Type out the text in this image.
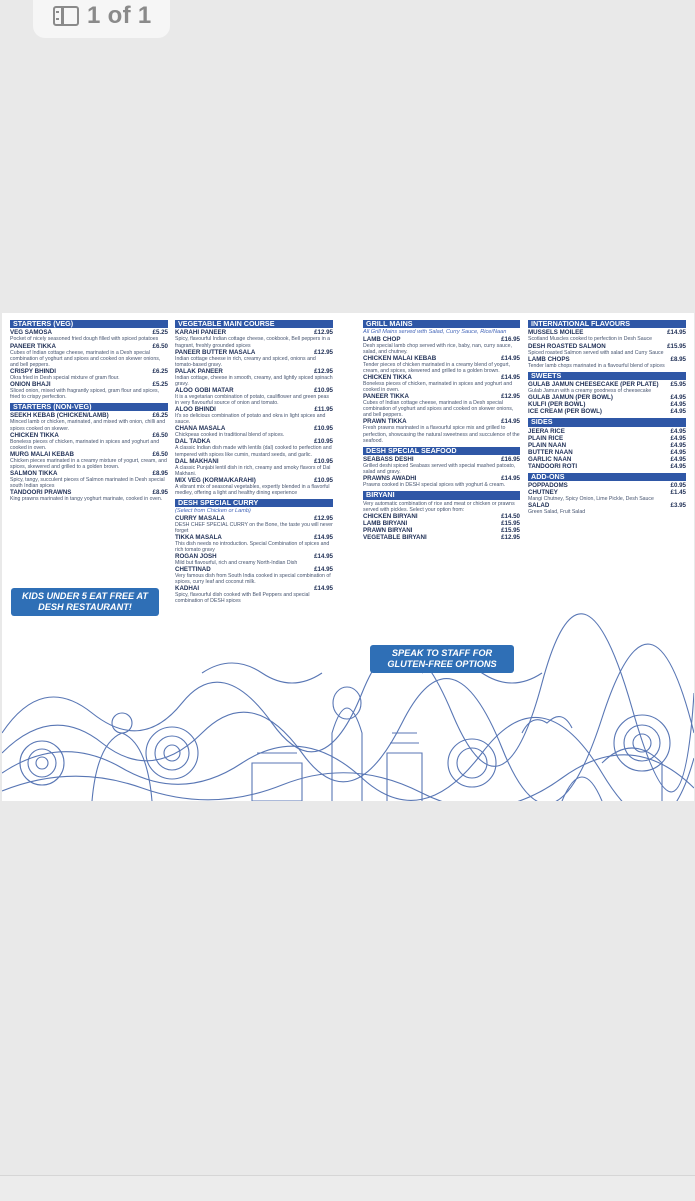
1 of 1
STARTERS (VEG)
VEG SAMOSA	£5.25
Pocket of nicely seasoned fried dough filled with spiced potatoes
PANEER TIKKA	£6.50
Cubes of Indian cottage cheese, marinated in a Desh special combination of yoghurt and spices and cooked on skewer onions, and bell peppers.
CRISPY BHINDI	£6.25
Okra fried in Desh special mixture of gram flour.
ONION BHAJI	£5.25
Sliced onion, mixed with fragrantly spiced, gram flour and spices, fried to crispy perfection.
STARTERS (NON-VEG)
SEEKH KEBAB (CHICKEN/LAMB)	£6.25
Minced lamb or chicken, marinated, and mixed with onion, chilli and spices cooked on skewer.
CHICKEN TIKKA	£6.50
Boneless pieces of chicken, marinated in spices and yoghurt and cooked in oven.
MURG MALAI KEBAB	£6.50
Chicken pieces marinated in a creamy mixture of yogurt, cream, and spices, skewered and grilled to a golden brown.
SALMON TIKKA	£8.95
Spicy, tangy, succulent pieces of Salmon marinated in Desh special south Indian spices
TANDOORI PRAWNS	£8.95
King prawns marinated in tangy yoghurt marinate, cooked in oven.
VEGETABLE MAIN COURSE
KARAHI PANEER	£12.95
Spicy, flavourful Indian cottage cheese, cookbook, Bell peppers in a fragrant, freshly grounded spices
PANEER BUTTER MASALA	£12.95
Indian cottage cheese in rich, creamy and spiced, onions and tomato-based gravy.
PALAK PANEER	£12.95
Indian cottage, cheese in smooth, creamy, and lightly spiced spinach gravy.
ALOO GOBI MATAR	£10.95
It is a vegetarian combination of potato, cauliflower and green peas in very flavourful source of onion and tomato.
ALOO BHINDI	£11.95
It's so delicious combination of potato and okra in light spices and sauce.
CHANA MASALA	£10.95
Chickpeas cooked in traditional blend of spices.
DAL TADKA	£10.95
A classic Indian dish made with lentils (dal) cooked to perfection and tempered with spices like cumin, mustard seeds, and garlic.
DAL MAKHANI	£10.95
A classic Punjabi lentil dish in rich, creamy and smoky flavors of Dal Makhani.
MIX VEG (KORMA/KARAHI)	£10.95
A vibrant mix of seasonal vegetables, expertly blended in a flavorful medley, offering a light and healthy dining experience
DESH SPECIAL CURRY
(Select from Chicken or Lamb)
CURRY MASALA	£12.95
DESH CHEF SPECIAL CURRY on the Bone, the taste you will never forget
TIKKA MASALA	£14.95
This dish needs no introduction. Special Combination of spices and rich tomato gravy
ROGAN JOSH	£14.95
Mild but flavourful, rich and creamy North-Indian Dish
CHETTINAD	£14.95
Very famous dish from South India cooked in special combination of spices, curry leaf and coconut milk.
KADHAI	£14.95
Spicy, flavourful dish cooked with Bell Peppers and special combination of DESH spices
GRILL MAINS
All Grill Mains served with Salad, Curry Sauce, Rice/Naan
LAMB CHOP	£16.95
Desh special lamb chop served with rice, baby, nan, curry sauce, salad, and chutney.
CHICKEN MALAI KEBAB	£14.95
Tender pieces of chicken marinated in a creamy blend of yogurt, cream, and spices, skewered and grilled to a golden brown.
CHICKEN TIKKA	£14.95
Boneless pieces of chicken, marinated in spices and yoghurt and cooked in oven.
PANEER TIKKA	£12.95
Cubes of Indian cottage cheese, marinated in a Desh special combination of yoghurt and spices and cooked on skewer onions, and bell peppers.
PRAWN TIKKA	£14.95
Fresh prawns marinated in a flavourful spice mix and grilled to perfection, showcasing the natural sweetness and succulence of the seafood.
DESH SPECIAL SEAFOOD
SEABASS DESHI	£16.95
Grilled deshi spiced Seabass served with special mashed patoato, salad and gravy.
PRAWNS AWADHI	£14.95
Prawns cooked in DESH special spices with yoghurt & cream.
BIRYANI
Very automatic combination of rice and meat or chicken or prawns served with pickles. Select your option from:
CHICKEN BIRYANI	£14.50
LAMB BIRYANI	£15.95
PRAWN BIRYANI	£15.95
VEGETABLE BIRYANI	£12.95
INTERNATIONAL FLAVOURS
MUSSELS MOILEE	£14.95
Scotland Muscles cooked to perfection in Desh Sauce
DESH ROASTED SALMON	£15.95
Spiced roasted Salmon served with salad and Curry Sauce
LAMB CHOPS	£8.95
Tender lamb chops marinated in a flavourful blend of spices
SWEETS
GULAB JAMUN CHEESECAKE (PER PLATE) £5.95
Gulab Jamun with a creamy goodness of cheesecake
GULAB JAMUN (PER BOWL)	£4.95
KULFI (PER BOWL)	£4.95
ICE CREAM (PER BOWL)	£4.95
SIDES
JEERA RICE	£4.95
PLAIN RICE	£4.95
PLAIN NAAN	£4.95
BUTTER NAAN	£4.95
GARLIC NAAN	£4.95
TANDOORI ROTI	£4.95
ADD-ONS
POPPADOMS	£0.95
CHUTNEY	£1.45
Mangi Chutney, Spicy Onion, Lime Pickle, Desh Sauce
SALAD	£3.95
Green Salad, Fruit Salad
KIDS UNDER 5 EAT FREE AT DESH RESTAURANT!
SPEAK TO STAFF FOR GLUTEN-FREE OPTIONS
